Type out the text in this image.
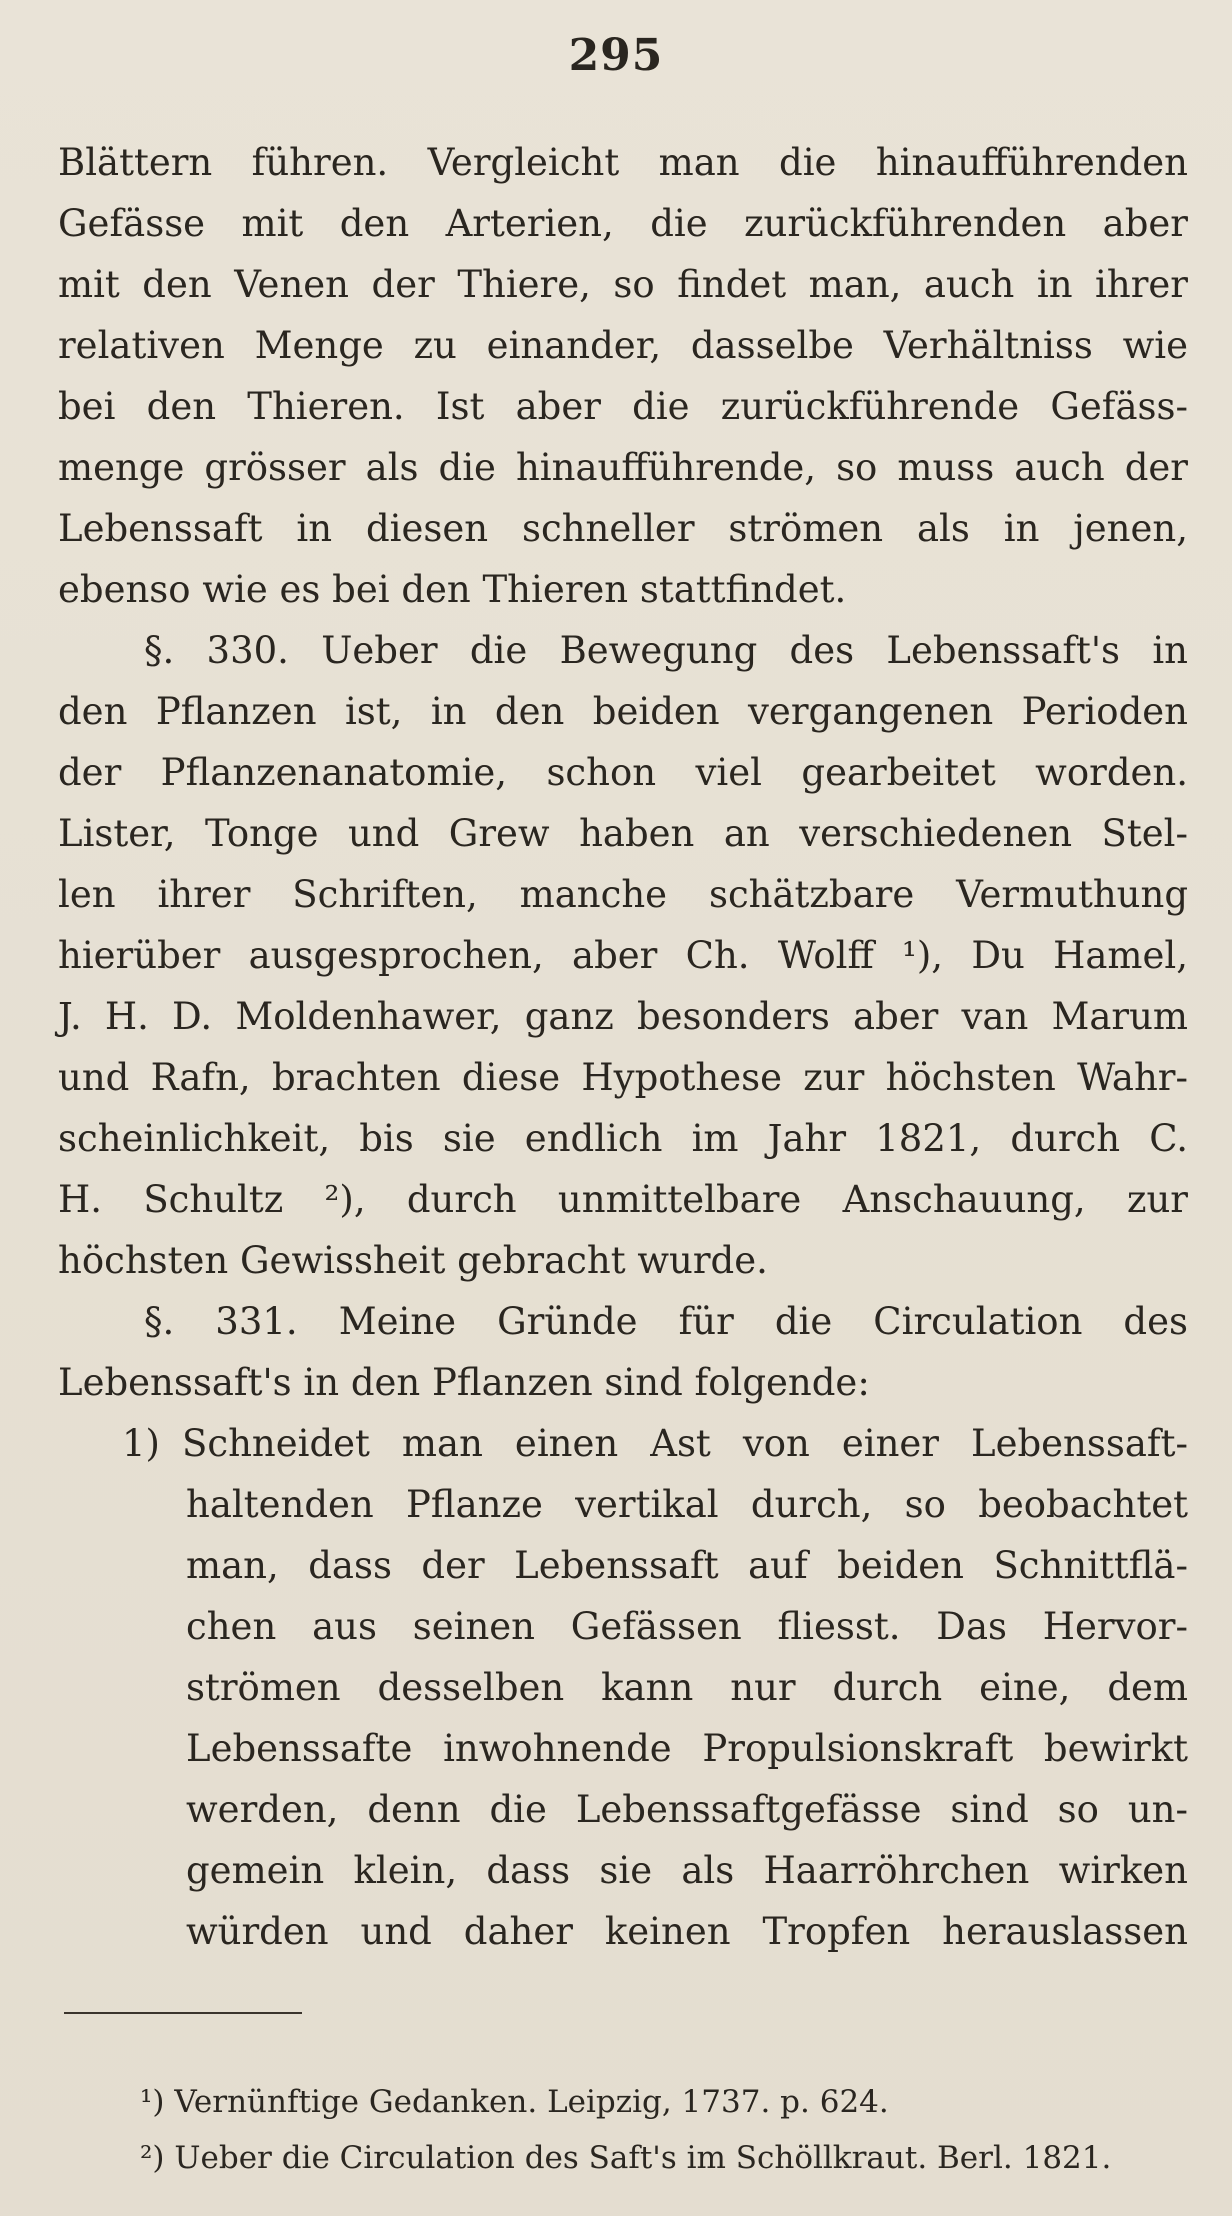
295
Blättern führen. Vergleicht man die hinaufführenden
Gefässe mit den Arterien, die zurückführenden aber
mit den Venen der Thiere, so findet man, auch in ihrer
relativen Menge zu einander, dasselbe Verhältniss wie
bei den Thieren. Ist aber die zurückführende Gefäss-
menge grösser als die hinaufführende, so muss auch der
Lebenssaft in diesen schneller strömen als in jenen,
ebenso wie es bei den Thieren stattfindet.
§. 330. Ueber die Bewegung des Lebenssaft's in
den Pflanzen ist, in den beiden vergangenen Perioden
der Pflanzenanatomie, schon viel gearbeitet worden.
Lister, Tonge und Grew haben an verschiedenen Stel-
len ihrer Schriften, manche schätzbare Vermuthung
hierüber ausgesprochen, aber Ch. Wolff ¹), Du Hamel,
J. H. D. Moldenhawer, ganz besonders aber van Marum
und Rafn, brachten diese Hypothese zur höchsten Wahr-
scheinlichkeit, bis sie endlich im Jahr 1821, durch C.
H. Schultz ²), durch unmittelbare Anschauung, zur
höchsten Gewissheit gebracht wurde.
§. 331. Meine Gründe für die Circulation des
Lebenssaft's in den Pflanzen sind folgende:
1) Schneidet man einen Ast von einer Lebenssaft-
haltenden Pflanze vertikal durch, so beobachtet
man, dass der Lebenssaft auf beiden Schnittflä-
chen aus seinen Gefässen fliesst. Das Hervor-
strömen desselben kann nur durch eine, dem
Lebenssafte inwohnende Propulsionskraft bewirkt
werden, denn die Lebenssaftgefässe sind so un-
gemein klein, dass sie als Haarröhrchen wirken
würden und daher keinen Tropfen herauslassen
¹) Vernünftige Gedanken. Leipzig, 1737. p. 624.
²) Ueber die Circulation des Saft's im Schöllkraut. Berl. 1821.
